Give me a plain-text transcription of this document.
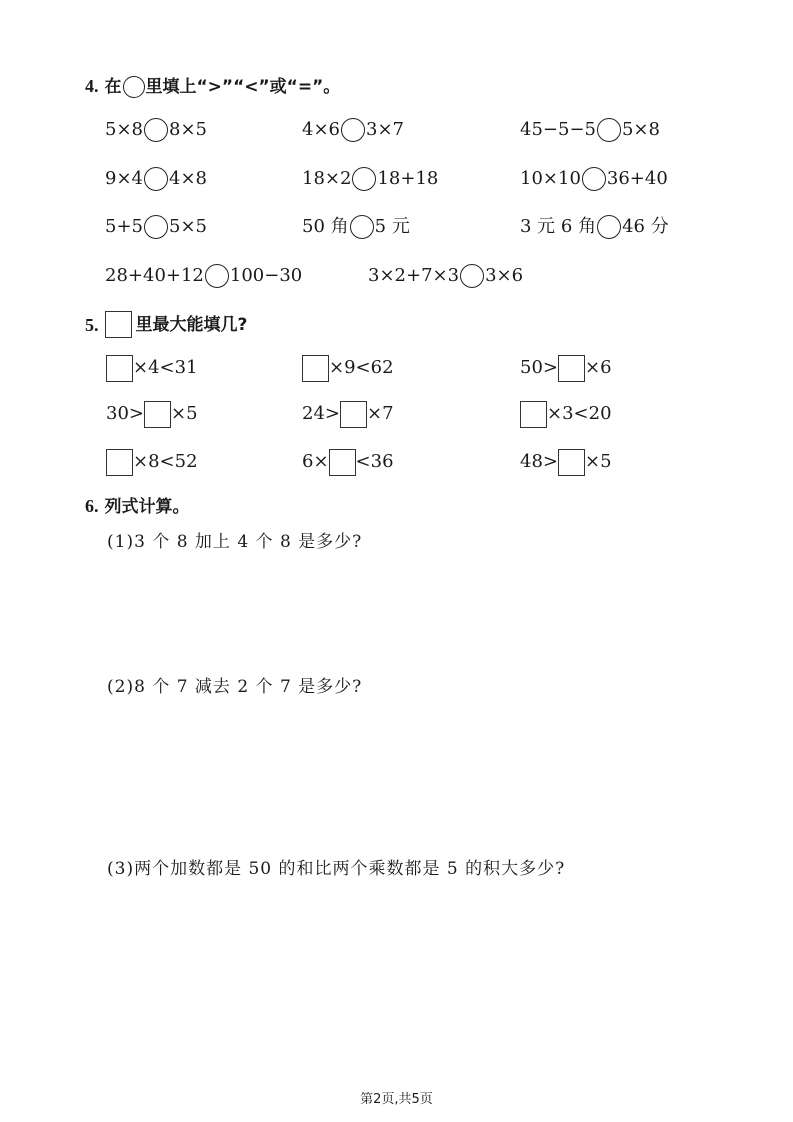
4. 在 里填上“>”“<”或“=”。
5×8 8×5	4×6 3×7	45−5−5 5×8
9×4 4×8	18×2 18+18	10×10 36+40
5+5 5×5	50 角 5 元	3 元 6 角 46 分
28+40+12 100−30	3×2+7×3 3×6
5. 里最大能填几?
×4<31	×9<62	50> ×6
30> ×5	24> ×7	×3<20
×8<52	6× <36	48> ×5
6. 列式计算。
(1)3 个 8 加上 4 个 8 是多少?
(2)8 个 7 减去 2 个 7 是多少?
(3)两个加数都是 50 的和比两个乘数都是 5 的积大多少?
第2页,共5页
